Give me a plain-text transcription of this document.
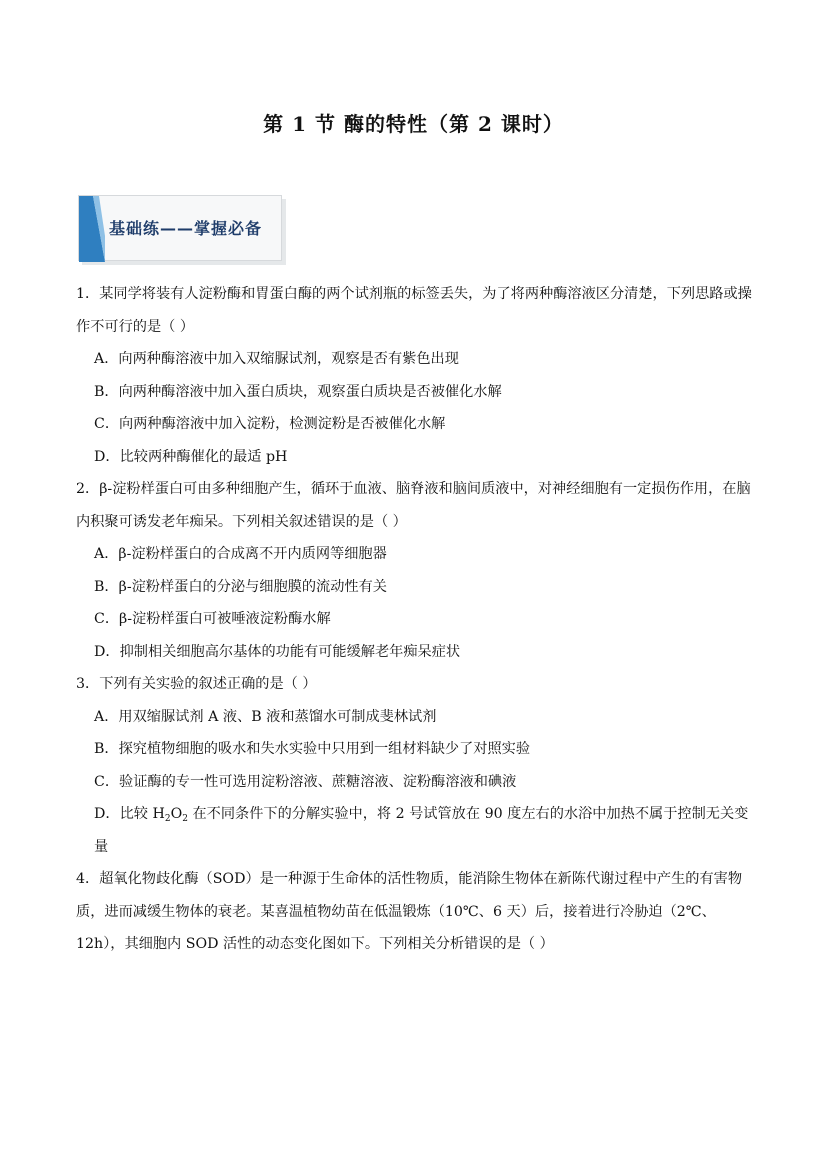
第 1 节 酶的特性（第 2 课时）
基础练——掌握必备

1．某同学将装有人淀粉酶和胃蛋白酶的两个试剂瓶的标签丢失，为了将两种酶溶液区分清楚，下列思路或操作不可行的是（ ）

A．向两种酶溶液中加入双缩脲试剂，观察是否有紫色出现

B．向两种酶溶液中加入蛋白质块，观察蛋白质块是否被催化水解

C．向两种酶溶液中加入淀粉，检测淀粉是否被催化水解

D．比较两种酶催化的最适 pH

2．β-淀粉样蛋白可由多种细胞产生，循环于血液、脑脊液和脑间质液中，对神经细胞有一定损伤作用，在脑内积聚可诱发老年痴呆。下列相关叙述错误的是（ ）

A．β-淀粉样蛋白的合成离不开内质网等细胞器

B．β-淀粉样蛋白的分泌与细胞膜的流动性有关

C．β-淀粉样蛋白可被唾液淀粉酶水解

D．抑制相关细胞高尔基体的功能有可能缓解老年痴呆症状

3．下列有关实验的叙述正确的是（ ）

A．用双缩脲试剂 A 液、B 液和蒸馏水可制成斐林试剂

B．探究植物细胞的吸水和失水实验中只用到一组材料缺少了对照实验

C．验证酶的专一性可选用淀粉溶液、蔗糖溶液、淀粉酶溶液和碘液

D．比较 $H_2O_2$ 在不同条件下的分解实验中，将 2 号试管放在 90 度左右的水浴中加热不属于控制无关变量

4．超氧化物歧化酶（SOD）是一种源于生命体的活性物质，能消除生物体在新陈代谢过程中产生的有害物质，进而减缓生物体的衰老。某喜温植物幼苗在低温锻炼（10℃、6 天）后，接着进行冷胁迫（2℃、12h），其细胞内 SOD 活性的动态变化图如下。下列相关分析错误的是（ ）
